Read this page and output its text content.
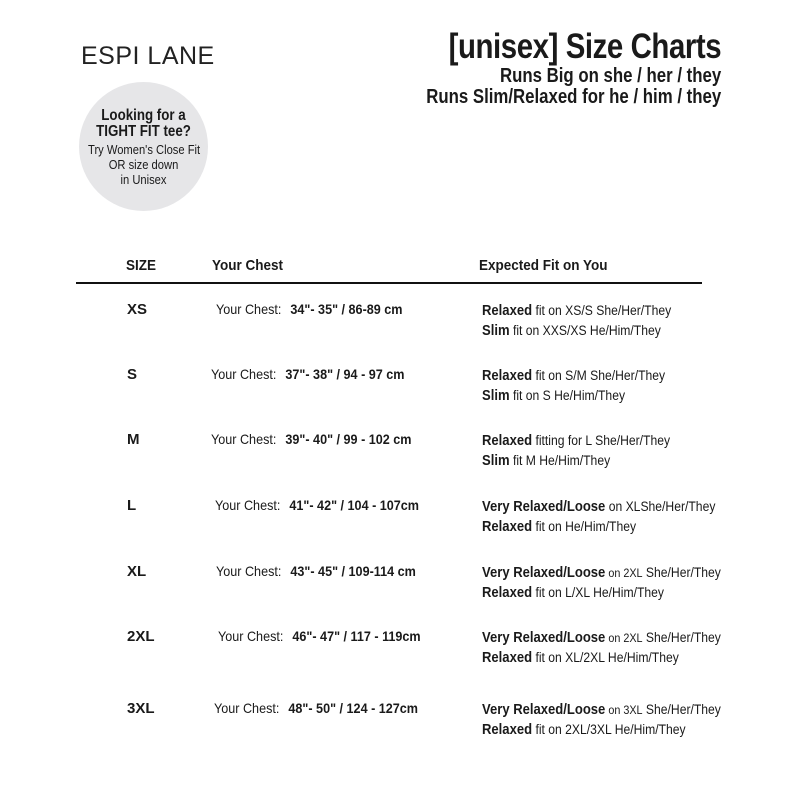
ESPI LANE	[unisex] Size Charts
Runs Big on she / her / they
Runs Slim/Relaxed for he / him / they
Looking for a
TIGHT FIT tee?
Try Women's Close Fit
OR size down
in Unisex
SIZE	Your Chest	Expected Fit on You
XS	Your Chest: 34"- 35" / 86-89 cm	Relaxed fit on XS/S She/Her/They
Slim fit on XXS/XS He/Him/They
S	Your Chest: 37"- 38" / 94 - 97 cm	Relaxed fit on S/M She/Her/They
Slim fit on S He/Him/They
M	Your Chest: 39"- 40" / 99 - 102 cm	Relaxed fitting for L She/Her/They
Slim fit M He/Him/They
L	Your Chest: 41"- 42" / 104 - 107cm	Very Relaxed/Loose on XLShe/Her/They
Relaxed fit on He/Him/They
XL	Your Chest: 43"- 45" / 109-114 cm	Very Relaxed/Loose on 2XL She/Her/They
Relaxed fit on L/XL He/Him/They
2XL	Your Chest: 46"- 47" / 117 - 119cm	Very Relaxed/Loose on 2XL She/Her/They
Relaxed fit on XL/2XL He/Him/They
3XL	Your Chest: 48"- 50" / 124 - 127cm	Very Relaxed/Loose on 3XL She/Her/They
Relaxed fit on 2XL/3XL He/Him/They
